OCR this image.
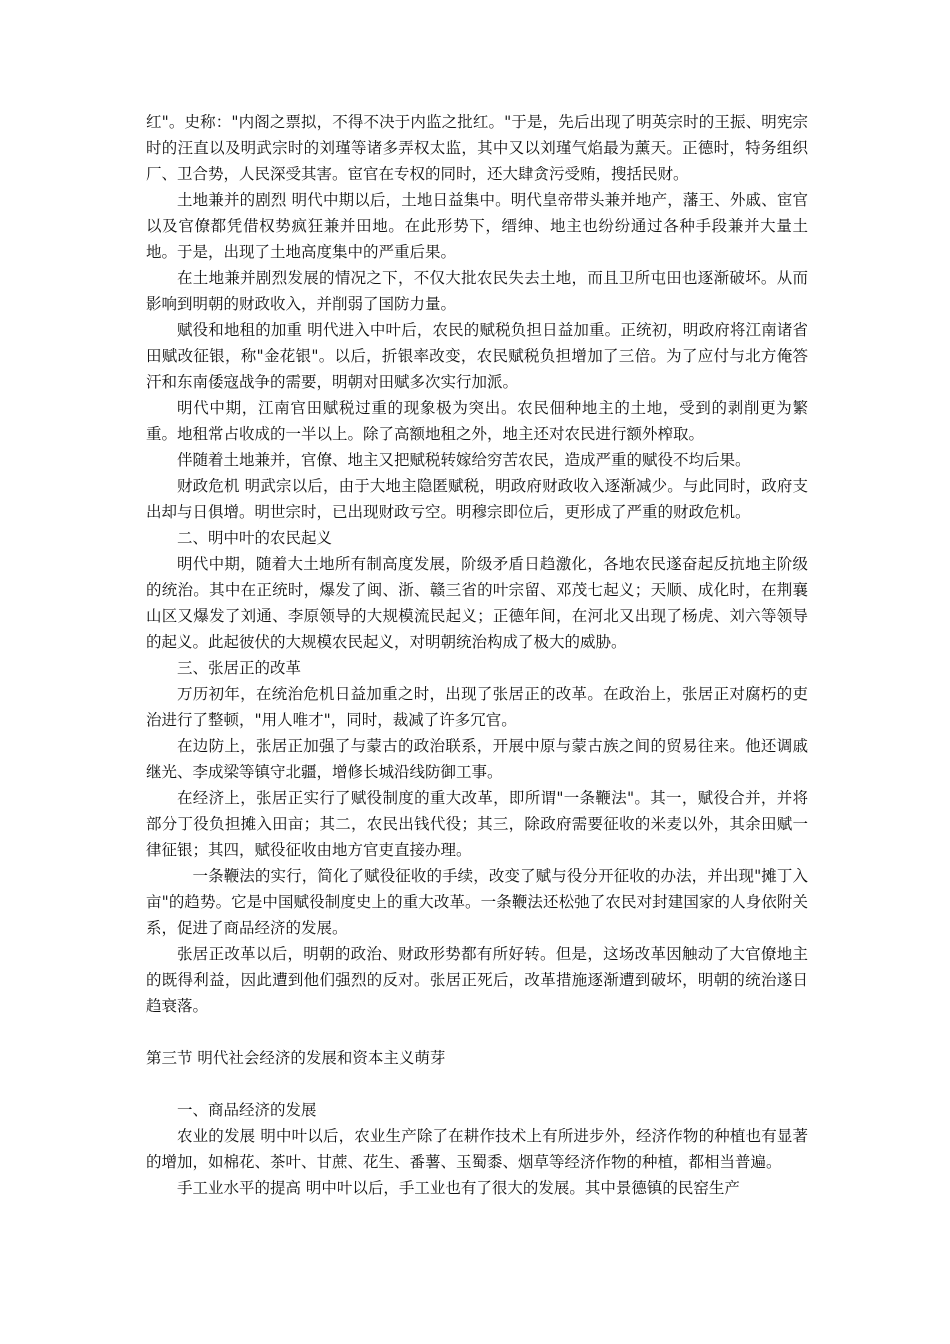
红"。史称："内阁之票拟，不得不决于内监之批红。"于是，先后出现了明英宗时的王振、明宪宗时的汪直以及明武宗时的刘瑾等诸多弄权太监，其中又以刘瑾气焰最为薰天。正德时，特务组织厂、卫合势，人民深受其害。宦官在专权的同时，还大肆贪污受贿，搜括民财。

土地兼并的剧烈 明代中期以后，土地日益集中。明代皇帝带头兼并地产，藩王、外戚、宦官以及官僚都凭借权势疯狂兼并田地。在此形势下，缙绅、地主也纷纷通过各种手段兼并大量土地。于是，出现了土地高度集中的严重后果。

在土地兼并剧烈发展的情况之下，不仅大批农民失去土地，而且卫所屯田也逐渐破坏。从而影响到明朝的财政收入，并削弱了国防力量。

赋役和地租的加重 明代进入中叶后，农民的赋税负担日益加重。正统初，明政府将江南诸省田赋改征银，称"金花银"。以后，折银率改变，农民赋税负担增加了三倍。为了应付与北方俺答汗和东南倭寇战争的需要，明朝对田赋多次实行加派。

明代中期，江南官田赋税过重的现象极为突出。农民佃种地主的土地，受到的剥削更为繁重。地租常占收成的一半以上。除了高额地租之外，地主还对农民进行额外榨取。

伴随着土地兼并，官僚、地主又把赋税转嫁给穷苦农民，造成严重的赋役不均后果。

财政危机 明武宗以后，由于大地主隐匿赋税，明政府财政收入逐渐减少。与此同时，政府支出却与日俱增。明世宗时，已出现财政亏空。明穆宗即位后，更形成了严重的财政危机。

二、明中叶的农民起义

明代中期，随着大土地所有制高度发展，阶级矛盾日趋激化，各地农民遂奋起反抗地主阶级的统治。其中在正统时，爆发了闽、浙、赣三省的叶宗留、邓茂七起义；天顺、成化时，在荆襄山区又爆发了刘通、李原领导的大规模流民起义；正德年间，在河北又出现了杨虎、刘六等领导的起义。此起彼伏的大规模农民起义，对明朝统治构成了极大的威胁。

三、张居正的改革

万历初年，在统治危机日益加重之时，出现了张居正的改革。在政治上，张居正对腐朽的吏治进行了整顿，"用人唯才"，同时，裁减了许多冗官。

在边防上，张居正加强了与蒙古的政治联系，开展中原与蒙古族之间的贸易往来。他还调戚继光、李成梁等镇守北疆，增修长城沿线防御工事。

在经济上，张居正实行了赋役制度的重大改革，即所谓"一条鞭法"。其一，赋役合并，并将部分丁役负担摊入田亩；其二，农民出钱代役；其三，除政府需要征收的米麦以外，其余田赋一律征银；其四，赋役征收由地方官吏直接办理。

一条鞭法的实行，简化了赋役征收的手续，改变了赋与役分开征收的办法，并出现"摊丁入亩"的趋势。它是中国赋役制度史上的重大改革。一条鞭法还松弛了农民对封建国家的人身依附关系，促进了商品经济的发展。

张居正改革以后，明朝的政治、财政形势都有所好转。但是，这场改革因触动了大官僚地主的既得利益，因此遭到他们强烈的反对。张居正死后，改革措施逐渐遭到破坏，明朝的统治遂日趋衰落。

第三节 明代社会经济的发展和资本主义萌芽

一、商品经济的发展

农业的发展 明中叶以后，农业生产除了在耕作技术上有所进步外，经济作物的种植也有显著的增加，如棉花、茶叶、甘蔗、花生、番薯、玉蜀黍、烟草等经济作物的种植，都相当普遍。

手工业水平的提高 明中叶以后，手工业也有了很大的发展。其中景德镇的民窑生产
